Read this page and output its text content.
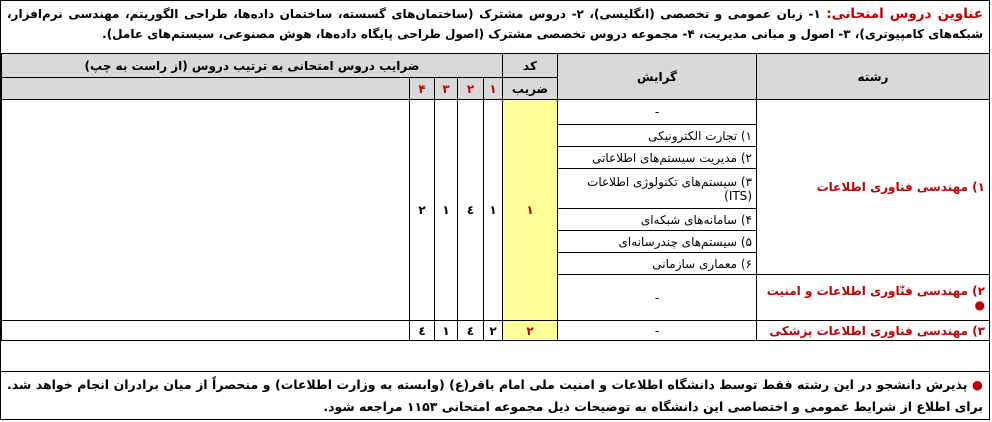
عناوین دروس امتحانی: ۱- زبان عمومی و تخصصی (انگلیسی)، ۲- دروس مشترک (ساختمان‌های گسسته، ساختمان داده‌ها، طراحی الگوریتم، مهندسی نرم‌افزار، شبکه‌های کامپیوتری)، ۳- اصول و مبانی مدیریت، ۴- مجموعه دروس تخصصی مشترک (اصول طراحی پایگاه داده‌ها، هوش مصنوعی، سیستم‌های عامل).
رشته	گرایش	کد	ضرایب دروس امتحانی به ترتیب دروس (از راست به چپ)				
		ضریب	۱	۲	۳	۴	
۱) مهندسی فناوری اطلاعات	-	۱	۱	٤	۱	۲	
	۱) تجارت الکترونیکی						
	۲) مدیریت سیستم‌های اطلاعاتی						
	۳) سیستم‌های تکنولوژی اطلاعات (ITS)						
	۴) سامانه‌های شبکه‌ای						
	۵) سیستم‌های چندرسانه‌ای						
	۶) معماری سازمانی						
۲) مهندسی فنّاوری اطلاعات و امنیت ●	-						
۳) مهندسی فناوری اطلاعات پزشکی	-	۲	۲	٤	۱	٤	
● پذیرش دانشجو در این رشته فقط توسط دانشگاه اطلاعات و امنیت ملی امام باقر(ع) (وابسته به وزارت اطلاعات) و منحصراً از میان برادران انجام خواهد شد. برای اطلاع از شرایط عمومی و اختصاصی این دانشگاه به توضیحات ذیل مجموعه امتحانی ۱۱۵۳ مراجعه شود.
